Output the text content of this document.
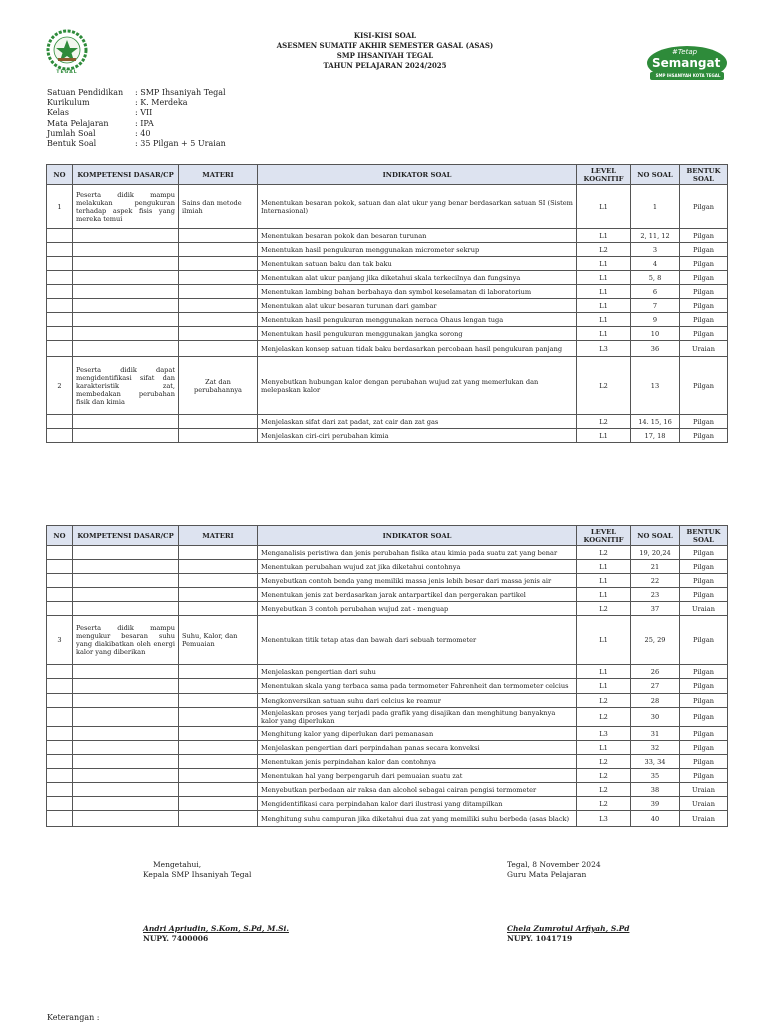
TEGAL
KISI-KISI SOAL
ASESMEN SUMATIF AKHIR SEMESTER GASAL (ASAS)
SMP IHSANIYAH TEGAL
TAHUN PELAJARAN 2024/2025
#Tetap
Semangat
SMP IHSANIYAH KOTA TEGAL
Satuan Pendidikan	: SMP Ihsaniyah Tegal
Kurikulum	: K. Merdeka
Kelas	: VII
Mata Pelajaran	: IPA
Jumlah Soal	: 40
Bentuk Soal	: 35 Pilgan + 5 Uraian
NO	KOMPETENSI DASAR/CP	MATERI	INDIKATOR SOAL	LEVEL KOGNITIF	NO SOAL	BENTUK SOAL
1	Peserta didik mampu melakukan pengukuran terhadap aspek fisis yang mereka temui	Sains dan metode ilmiah	Menentukan besaran pokok, satuan dan alat ukur yang benar berdasarkan satuan SI (Sistem Internasional)	L1	1	Pilgan
			Menentukan besaran pokok dan besaran turunan	L1	2, 11, 12	Pilgan
			Menentukan hasil pengukuran menggunakan micrometer sekrup	L2	3	Pilgan
			Menentukan satuan baku dan tak baku	L1	4	Pilgan
			Menentukan alat ukur panjang jika diketahui skala terkecilnya dan fungsinya	L1	5, 8	Pilgan
			Menentukan lambing bahan berbahaya dan symbol keselamatan di laboratorium	L1	6	Pilgan
			Menentukan alat ukur besaran turunan dari gambar	L1	7	Pilgan
			Menentukan hasil pengukuran menggunakan neraca Ohaus lengan tuga	L1	9	Pilgan
			Menentukan hasil pengukuran menggunakan jangka sorong	L1	10	Pilgan
			Menjelaskan konsep satuan tidak baku berdasarkan percobaan hasil pengukuran panjang	L3	36	Uraian
2	Peserta didik dapat mengidentifikasi sifat dan karakteristik zat, membedakan perubahan fisik dan kimia	Zat dan perubahannya	Menyebutkan hubungan kalor dengan perubahan wujud zat yang memerlukan dan melepaskan kalor	L2	13	Pilgan
			Menjelaskan sifat dari zat padat, zat cair dan zat gas	L2	14. 15, 16	Pilgan
			Menjelaskan ciri-ciri perubahan kimia	L1	17, 18	Pilgan
NO	KOMPETENSI DASAR/CP	MATERI	INDIKATOR SOAL	LEVEL KOGNITIF	NO SOAL	BENTUK SOAL
			Menganalisis peristiwa dan jenis perubahan fisika atau kimia pada suatu zat yang benar	L2	19, 20,24	Pilgan
			Menentukan perubahan wujud zat jika diketahui contohnya	L1	21	Pilgan
			Menyebutkan contoh benda yang memiliki massa jenis lebih besar dari massa jenis air	L1	22	Pilgan
			Menentukan jenis zat berdasarkan jarak antarpartikel dan pergerakan partikel	L1	23	Pilgan
			Menyebutkan 3 contoh perubahan wujud zat - menguap	L2	37	Uraian
3	Peserta didik mampu mengukur besaran suhu yang diakibatkan oleh energi kalor yang diberikan	Suhu, Kalor, dan Pemuaian	Menentukan titik tetap atas dan bawah dari sebuah termometer	L1	25, 29	Pilgan
			Menjelaskan pengertian dari suhu	L1	26	Pilgan
			Menentukan skala yang terbaca sama pada termometer Fahrenheit dan termometer celcius	L1	27	Pilgan
			Mengkonversikan satuan suhu dari celcius ke reamur	L2	28	Pilgan
			Menjelaskan proses yang terjadi pada grafik yang disajikan dan menghitung banyaknya kalor yang diperlukan	L2	30	Pilgan
			Menghitung kalor yang diperlukan dari pemanasan	L3	31	Pilgan
			Menjelaskan pengertian dari perpindahan panas secara konveksi	L1	32	Pilgan
			Menentukan jenis perpindahan kalor dan contohnya	L2	33, 34	Pilgan
			Menentukan hal yang berpengaruh dari pemuaian suatu zat	L2	35	Pilgan
			Menyebutkan perbedaan air raksa dan alcohol sebagai cairan pengisi termometer	L2	38	Uraian
			Mengidentifikasi cara perpindahan kalor dari ilustrasi yang ditampilkan	L2	39	Uraian
			Menghitung suhu campuran jika diketahui dua zat yang memiliki suhu berbeda (asas black)	L3	40	Uraian
Mengetahui,
Kepala SMP Ihsaniyah Tegal
Andri Apriudin, S.Kom, S.Pd, M.Si.
NUPY. 7400006
Tegal, 8 November 2024
Guru Mata Pelajaran
Chela Zumrotul Arfiyah, S.Pd
NUPY. 1041719
Keterangan :
